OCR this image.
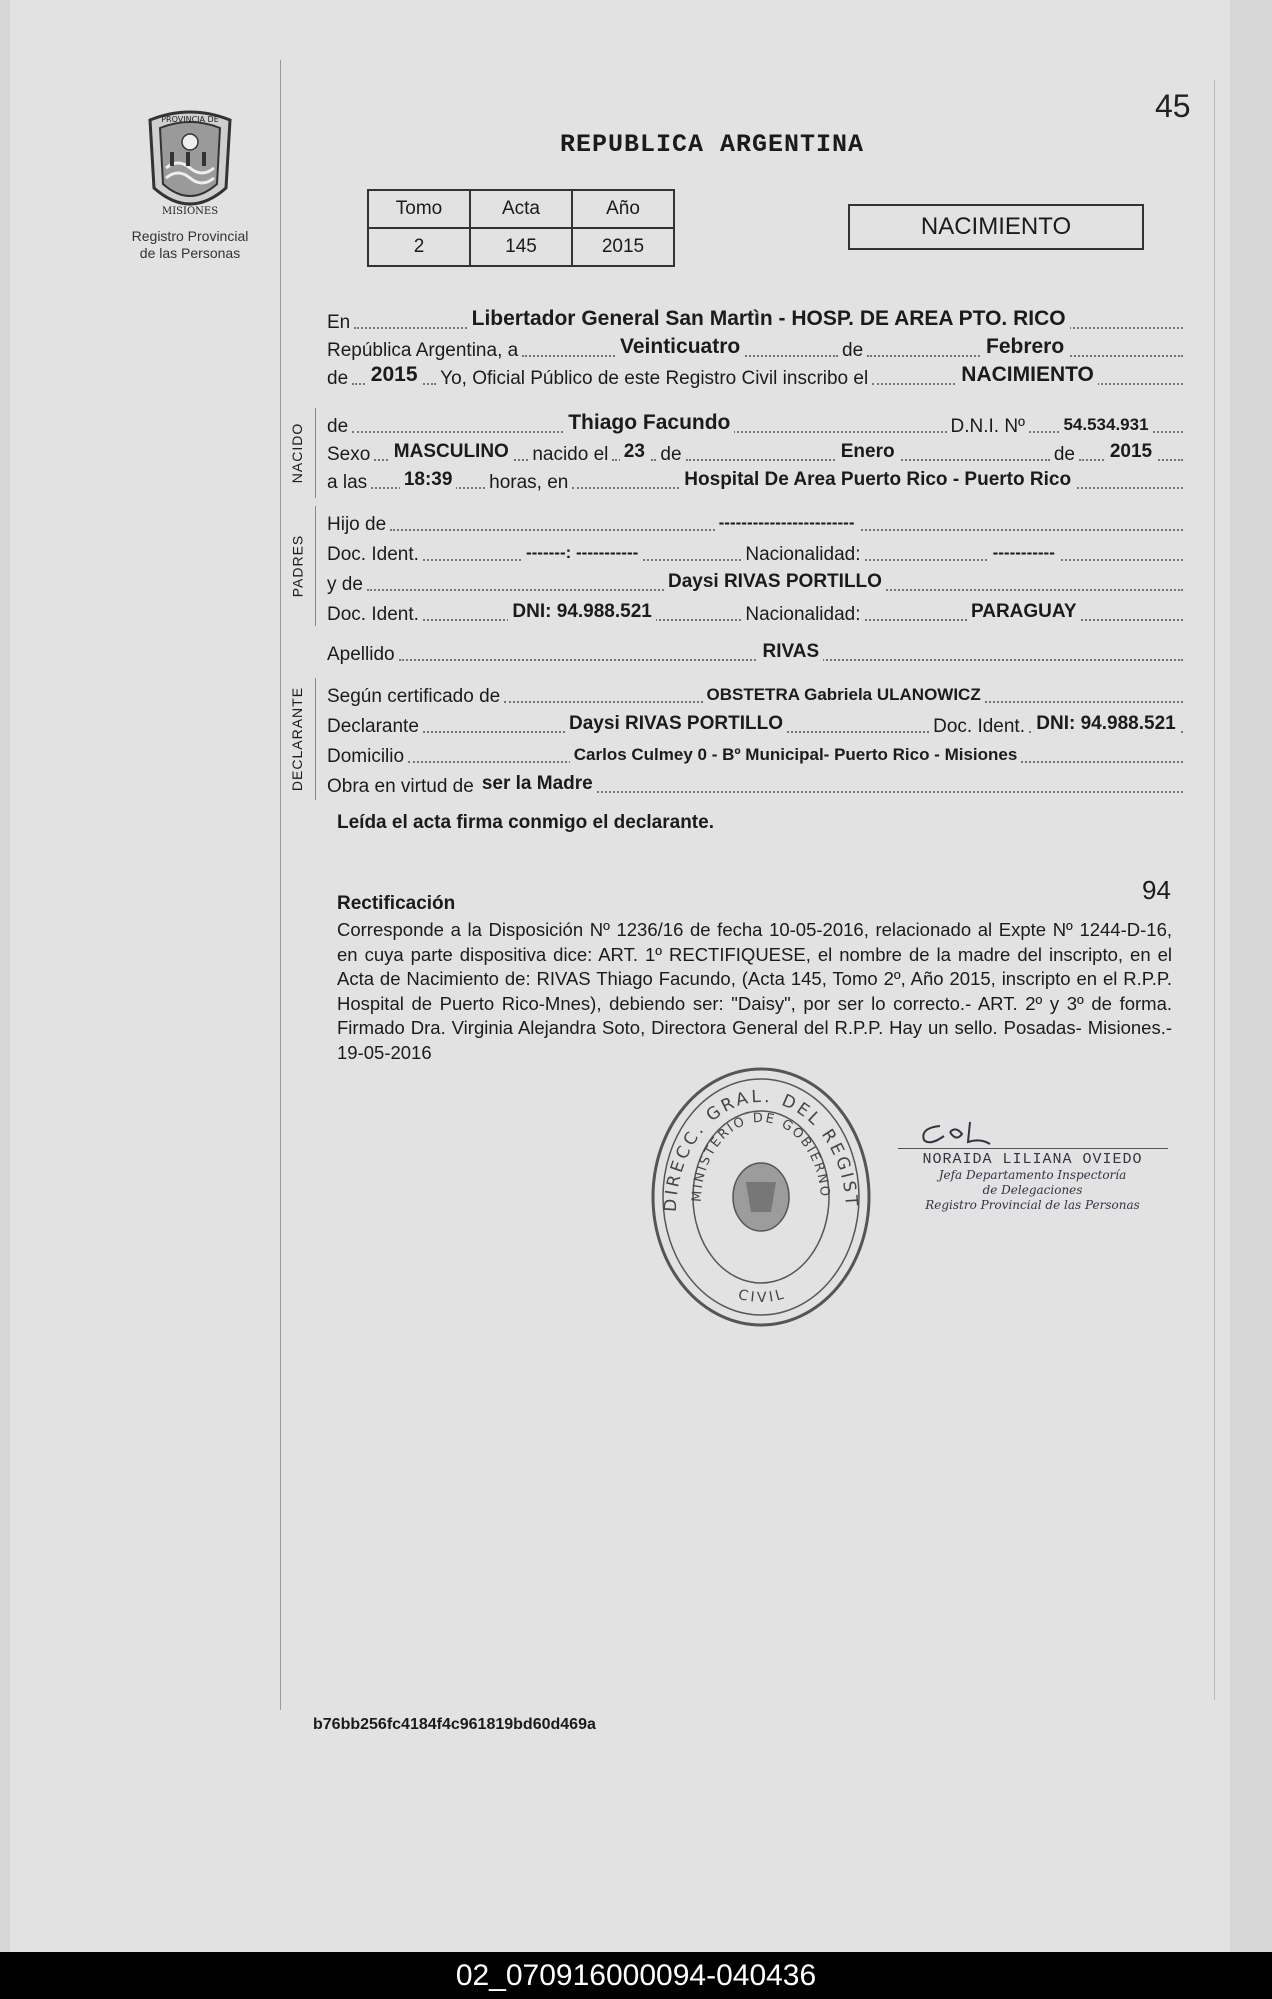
45
PROVINCIA DE
MISIONES
Registro Provincial
de las Personas
REPUBLICA ARGENTINA
Tomo	Acta	Año
2	145	2015
NACIMIENTO
En	Libertador General San Martìn - HOSP. DE AREA PTO. RICO
República Argentina, a	Veinticuatro	de	Febrero
de 2015 Yo, Oficial Público de este Registro Civil inscribo el	NACIMIENTO
NACIDO de	Thiago Facundo	D.N.I. Nº 54.534.931
Sexo MASCULINO nacido el 23 de	Enero	de 2015
a las 18:39 horas, en	Hospital De Area Puerto Rico - Puerto Rico
PADRES
Hijo de	------------------------
Doc. Ident.	-------: -----------	Nacionalidad:	-----------
y de	Daysi RIVAS PORTILLO
Doc. Ident.	DNI: 94.988.521	Nacionalidad:	PARAGUAY
Apellido	RIVAS
DECLARANTE Según certificado de	OBSTETRA Gabriela ULANOWICZ
Declarante	Daysi RIVAS PORTILLO	Doc. Ident. DNI: 94.988.521
Domicilio	Carlos Culmey 0 - Bº Municipal- Puerto Rico - Misiones
Obra en virtud de ser la Madre
Leída el acta firma conmigo el declarante.
94
Rectificación
Corresponde a la Disposición Nº 1236/16 de fecha 10-05-2016, relacionado al Expte Nº 1244-D-16, en cuya parte dispositiva dice: ART. 1º RECTIFIQUESE, el nombre de la madre del inscripto, en el Acta de Nacimiento de: RIVAS Thiago Facundo, (Acta 145, Tomo 2º, Año 2015, inscripto en el R.P.P. Hospital de Puerto Rico-Mnes), debiendo ser: "Daisy", por ser lo correcto.- ART. 2º y 3º de forma. Firmado Dra. Virginia Alejandra Soto, Directora General del R.P.P. Hay un sello. Posadas- Misiones.- 19-05-2016
DIRECC. GRAL. DEL REGIST
MINISTERIO DE GOBIERNO
CIVIL
NORAIDA LILIANA OVIEDO
Jefa Departamento Inspectoría
de Delegaciones
Registro Provincial de las Personas
b76bb256fc4184f4c961819bd60d469a
02_070916000094-040436
